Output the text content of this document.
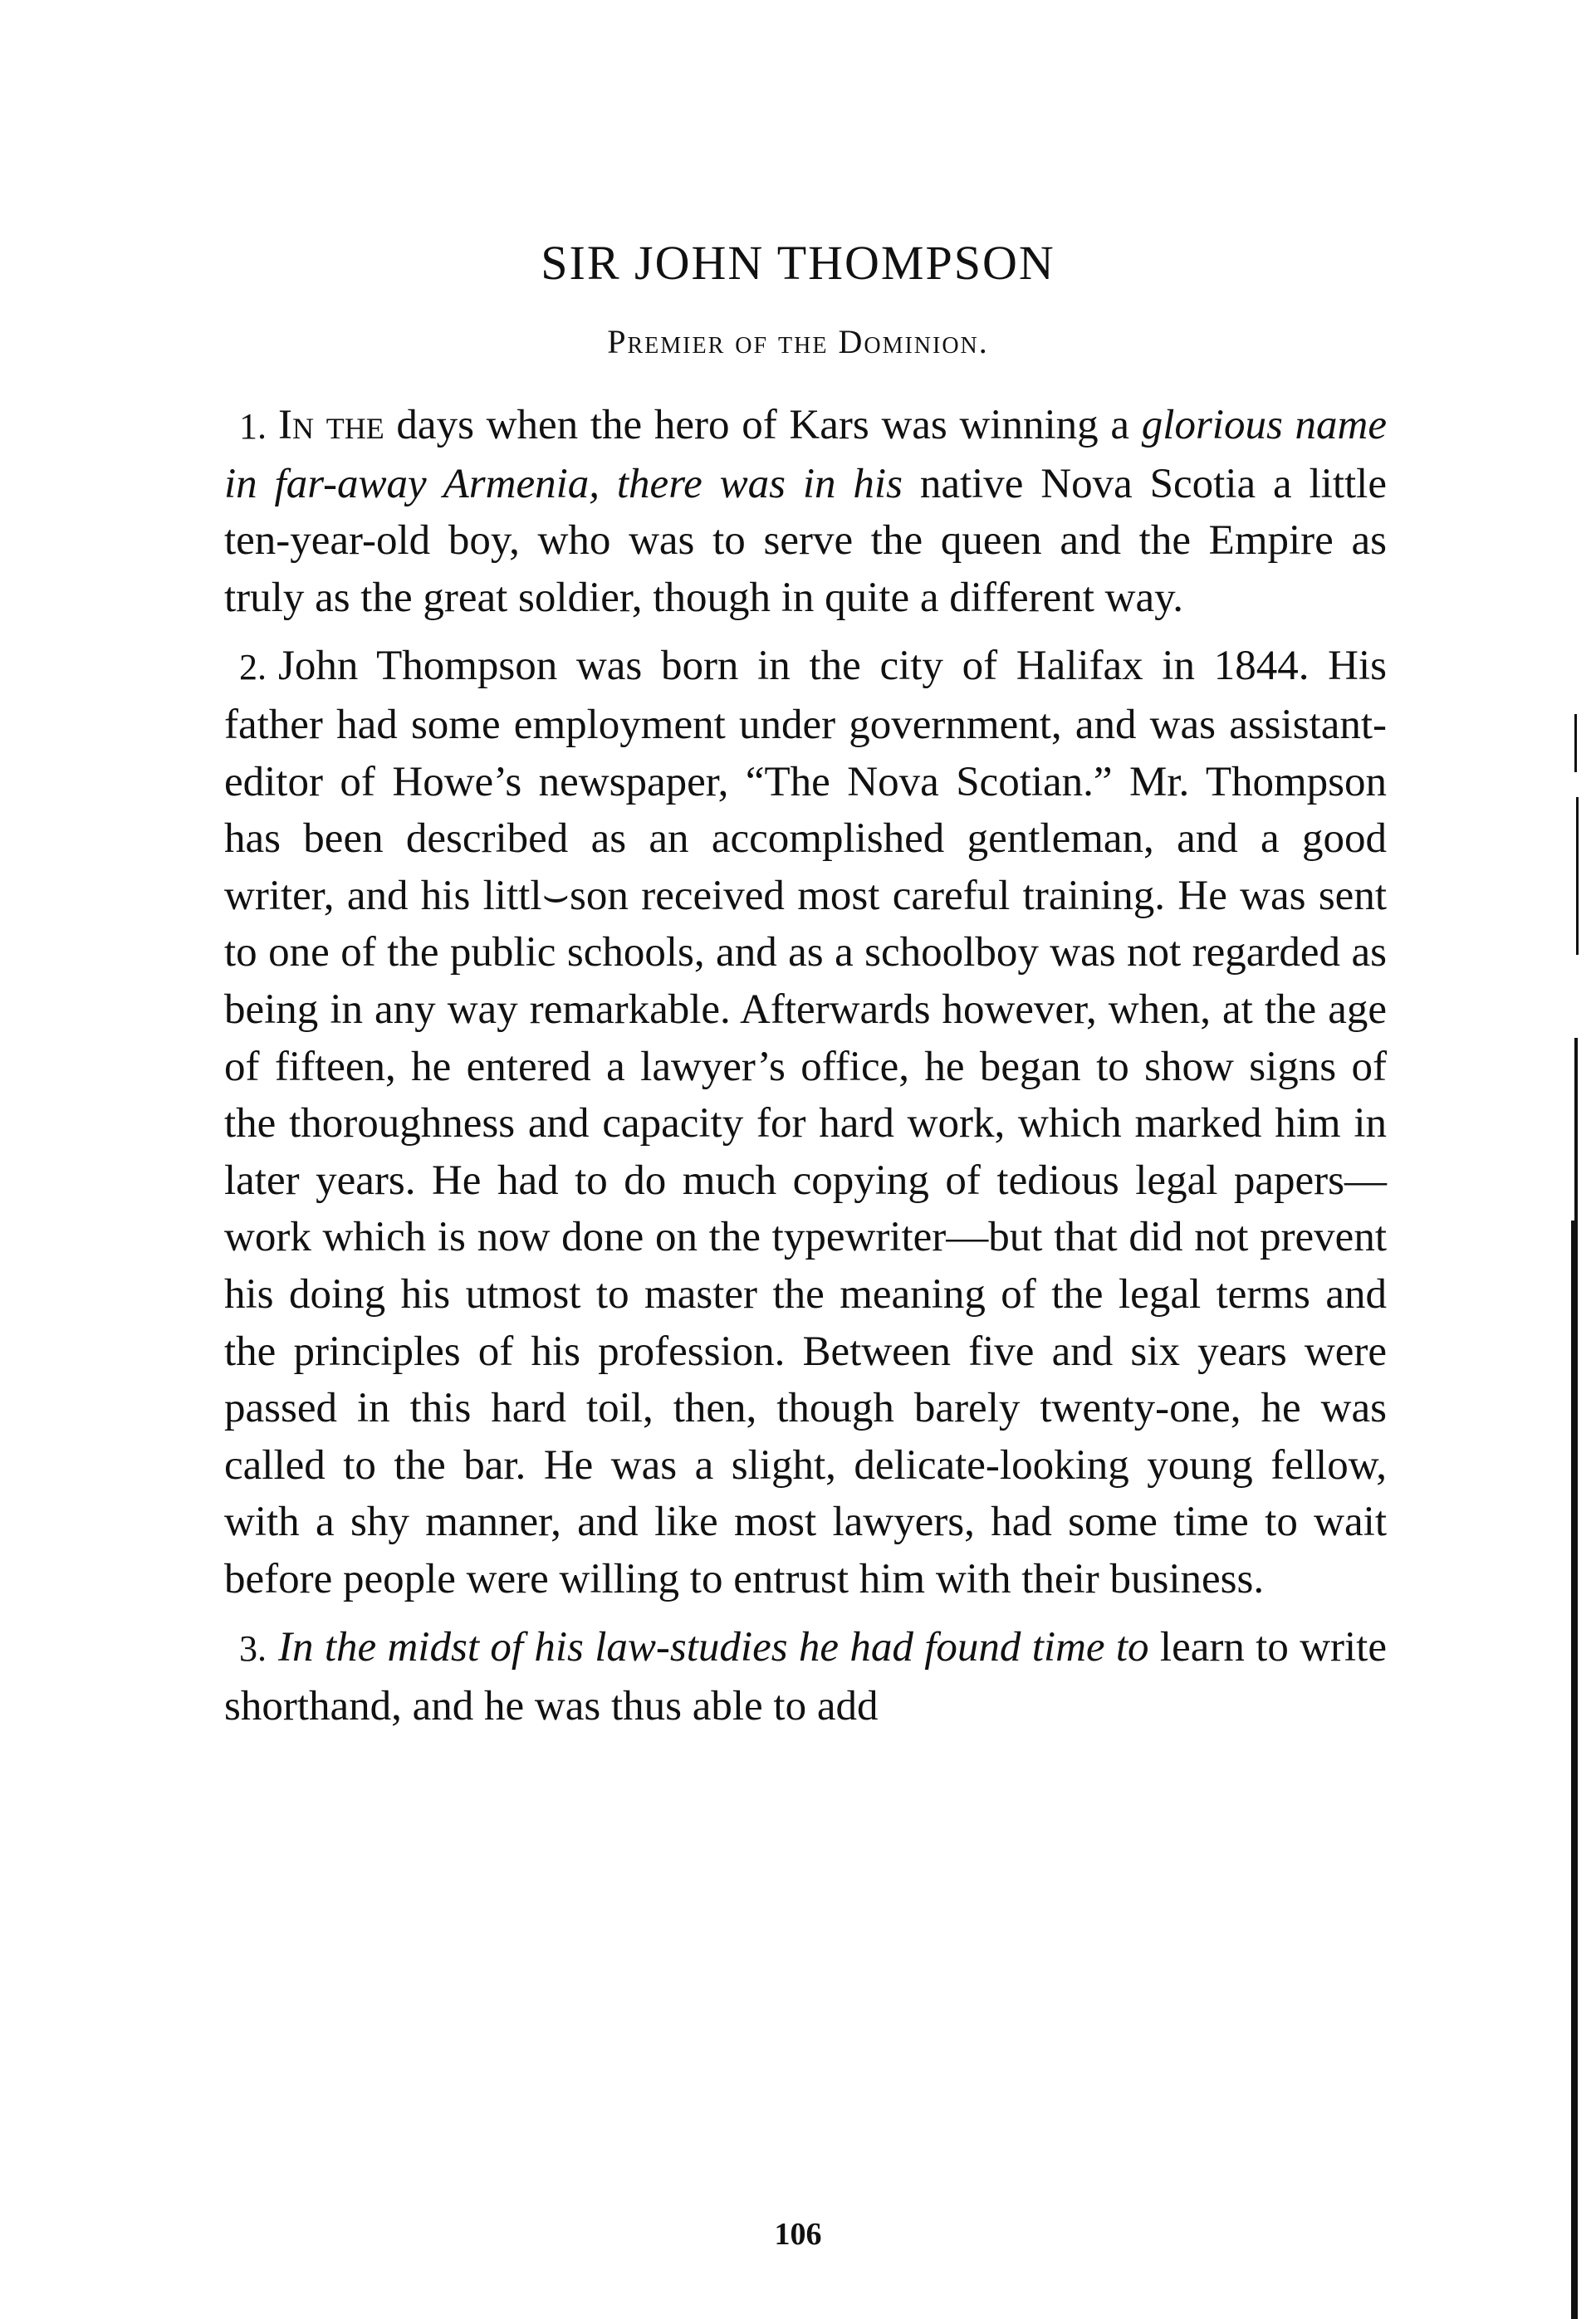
SIR JOHN THOMPSON
Premier of the Dominion.

1. In the days when the hero of Kars was winning a glorious name in far-away Armenia, there was in his native Nova Scotia a little ten-year-old boy, who was to serve the queen and the Empire as truly as the great soldier, though in quite a different way.

2. John Thompson was born in the city of Halifax in 1844. His father had some employment under government, and was assistant-editor of Howe’s newspaper, “The Nova Scotian.” Mr. Thompson has been described as an accomplished gentleman, and a good writer, and his littl⌣son received most careful training. He was sent to one of the public schools, and as a schoolboy was not regarded as being in any way remarkable. Afterwards however, when, at the age of fifteen, he entered a lawyer’s office, he began to show signs of the thoroughness and capacity for hard work, which marked him in later years. He had to do much copying of tedious legal papers—work which is now done on the typewriter—but that did not prevent his doing his utmost to master the meaning of the legal terms and the principles of his profession. Between five and six years were passed in this hard toil, then, though barely twenty-one, he was called to the bar. He was a slight, delicate-looking young fellow, with a shy manner, and like most lawyers, had some time to wait before people were willing to entrust him with their business.

3. In the midst of his law-studies he had found time to learn to write shorthand, and he was thus able to add

106
